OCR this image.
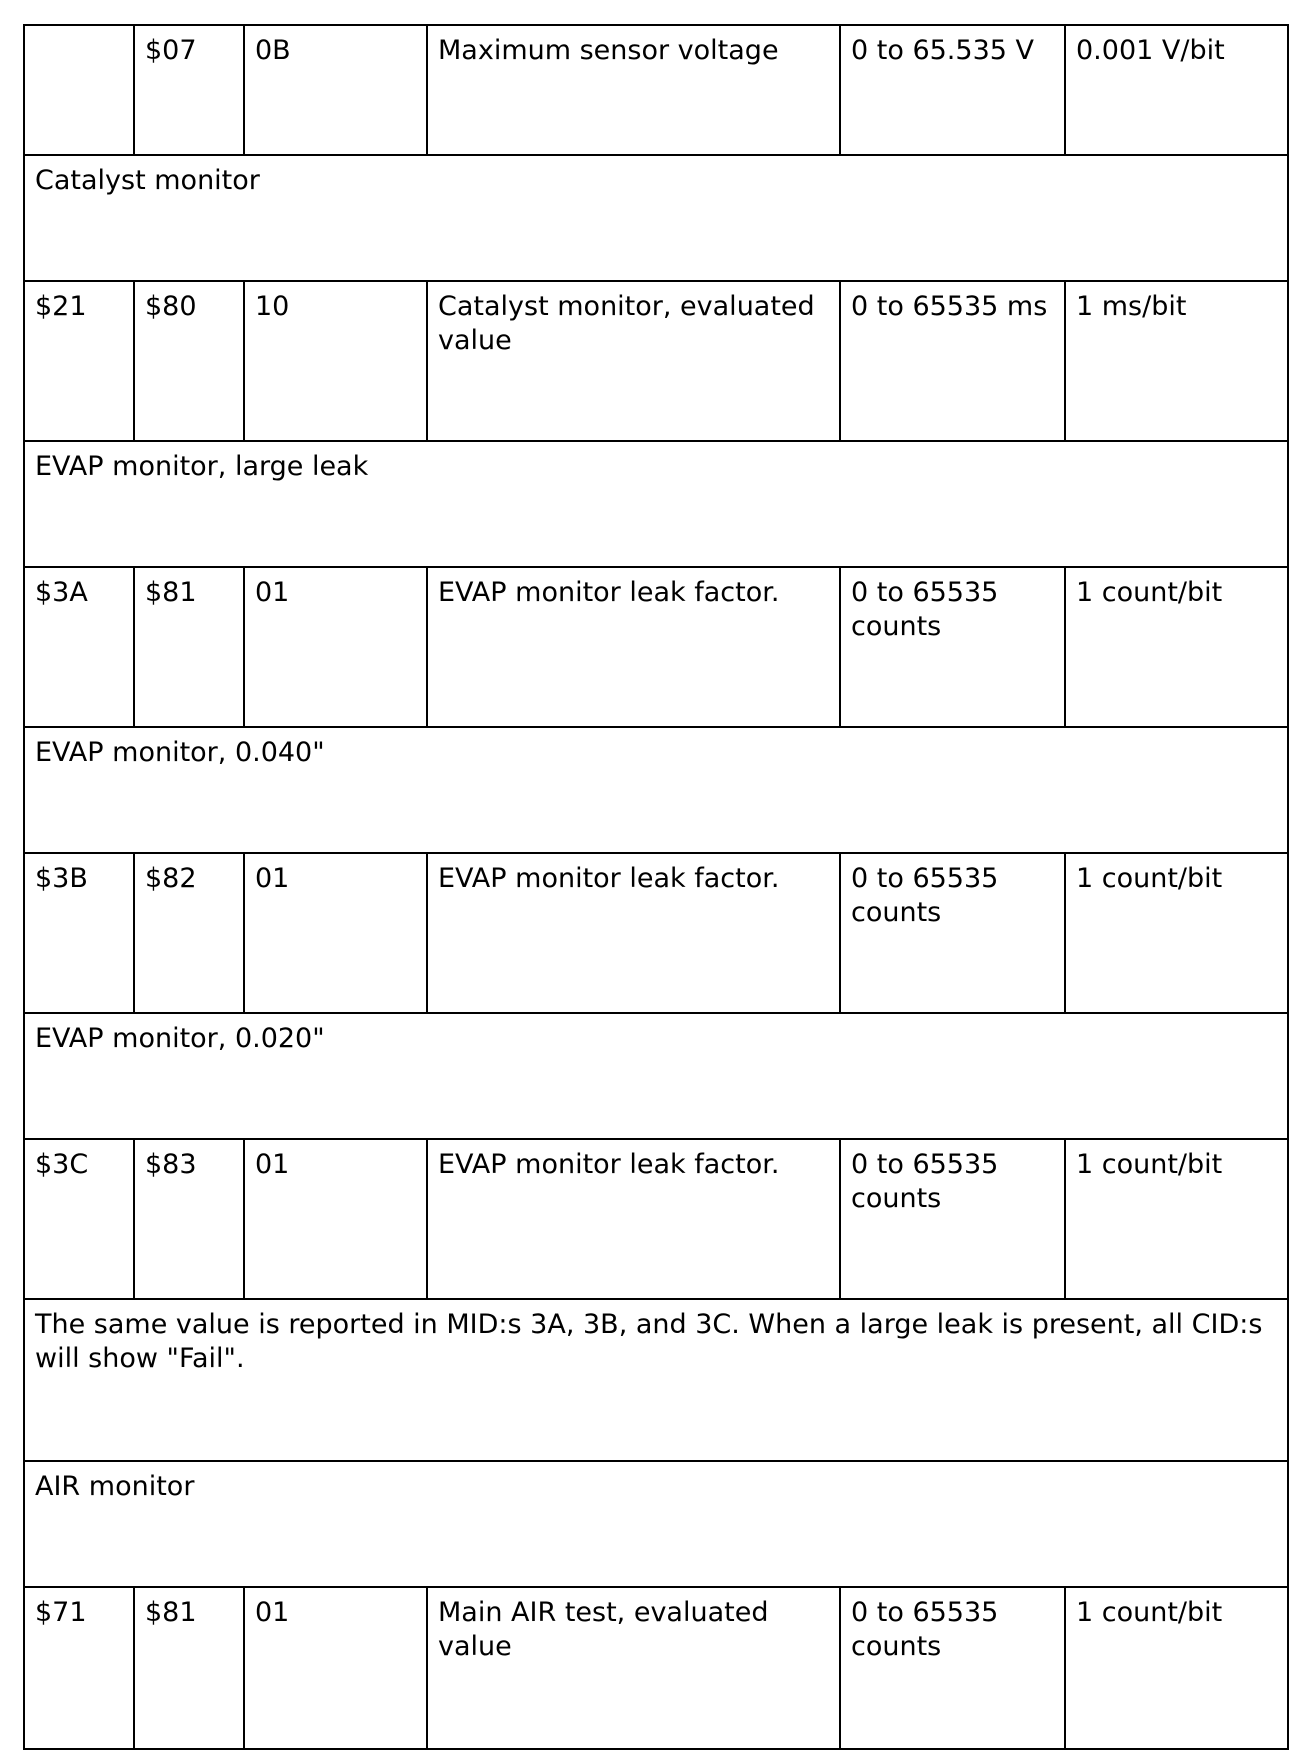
	$07	0B	Maximum sensor voltage	0 to 65.535 V	0.001 V/bit
Catalyst monitor					
$21	$80	10	Catalyst monitor, evaluated value	0 to 65535 ms	1 ms/bit
EVAP monitor, large leak					
$3A	$81	01	EVAP monitor leak factor.	0 to 65535 counts	1 count/bit
EVAP monitor, 0.040"					
$3B	$82	01	EVAP monitor leak factor.	0 to 65535 counts	1 count/bit
EVAP monitor, 0.020"					
$3C	$83	01	EVAP monitor leak factor.	0 to 65535 counts	1 count/bit
The same value is reported in MID:s 3A, 3B, and 3C. When a large leak is present, all CID:s will show "Fail".					
AIR monitor					
$71	$81	01	Main AIR test, evaluated value	0 to 65535 counts	1 count/bit
